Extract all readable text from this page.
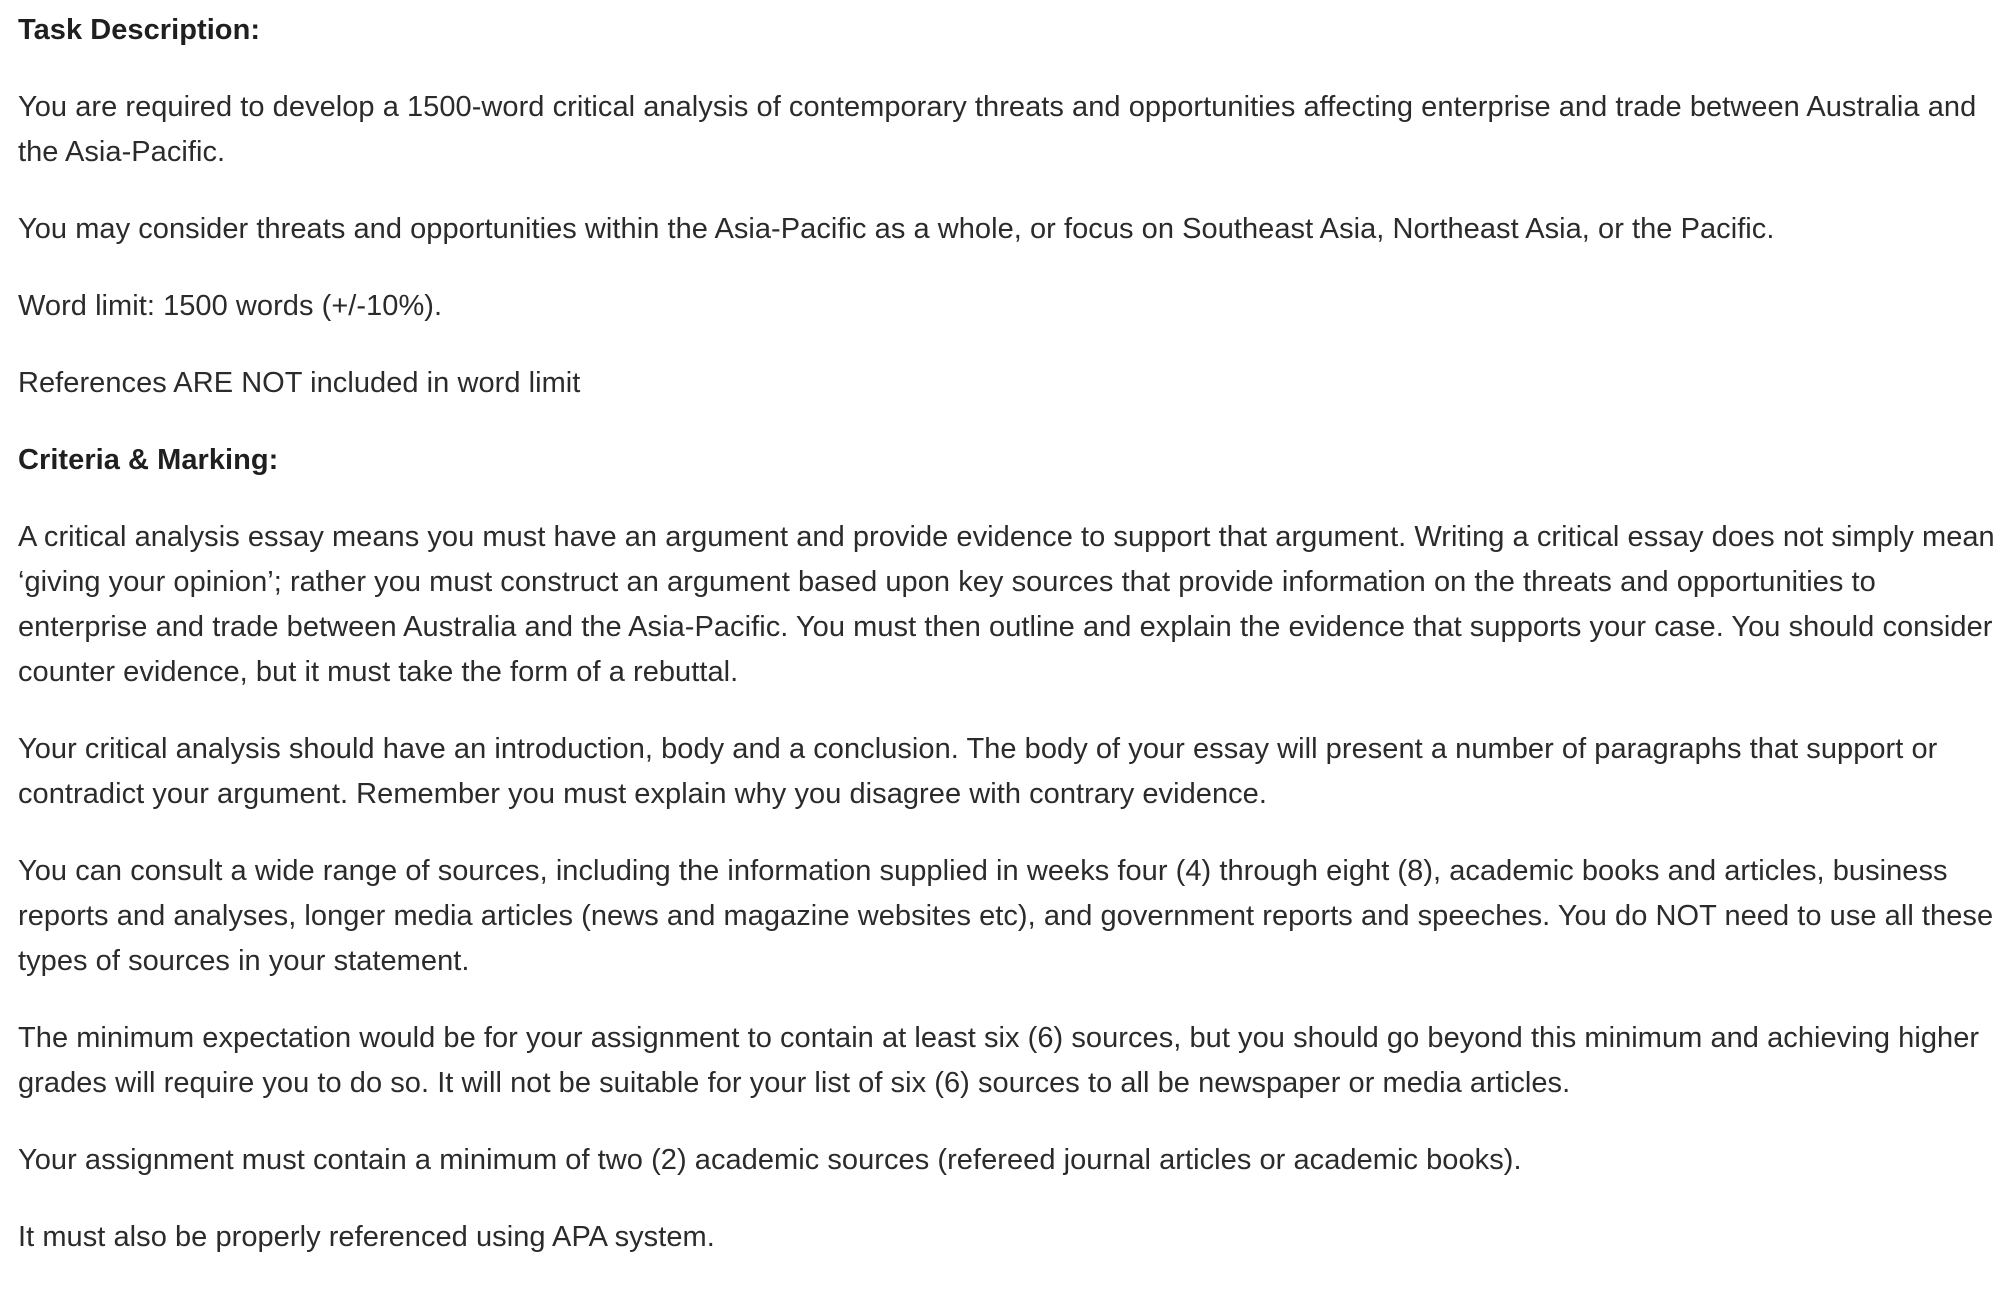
Task Description:

You are required to develop a 1500-word critical analysis of contemporary threats and opportunities affecting enterprise and trade between Australia and the Asia-Pacific.

You may consider threats and opportunities within the Asia-Pacific as a whole, or focus on Southeast Asia, Northeast Asia, or the Pacific.

Word limit: 1500 words (+/-10%).

References ARE NOT included in word limit

Criteria & Marking:

A critical analysis essay means you must have an argument and provide evidence to support that argument. Writing a critical essay does not simply mean ‘giving your opinion’; rather you must construct an argument based upon key sources that provide information on the threats and opportunities to enterprise and trade between Australia and the Asia-Pacific. You must then outline and explain the evidence that supports your case. You should consider counter evidence, but it must take the form of a rebuttal.

Your critical analysis should have an introduction, body and a conclusion. The body of your essay will present a number of paragraphs that support or contradict your argument. Remember you must explain why you disagree with contrary evidence.

You can consult a wide range of sources, including the information supplied in weeks four (4) through eight (8), academic books and articles, business reports and analyses, longer media articles (news and magazine websites etc), and government reports and speeches. You do NOT need to use all these types of sources in your statement.

The minimum expectation would be for your assignment to contain at least six (6) sources, but you should go beyond this minimum and achieving higher grades will require you to do so. It will not be suitable for your list of six (6) sources to all be newspaper or media articles.

Your assignment must contain a minimum of two (2) academic sources (refereed journal articles or academic books).

It must also be properly referenced using APA system.
